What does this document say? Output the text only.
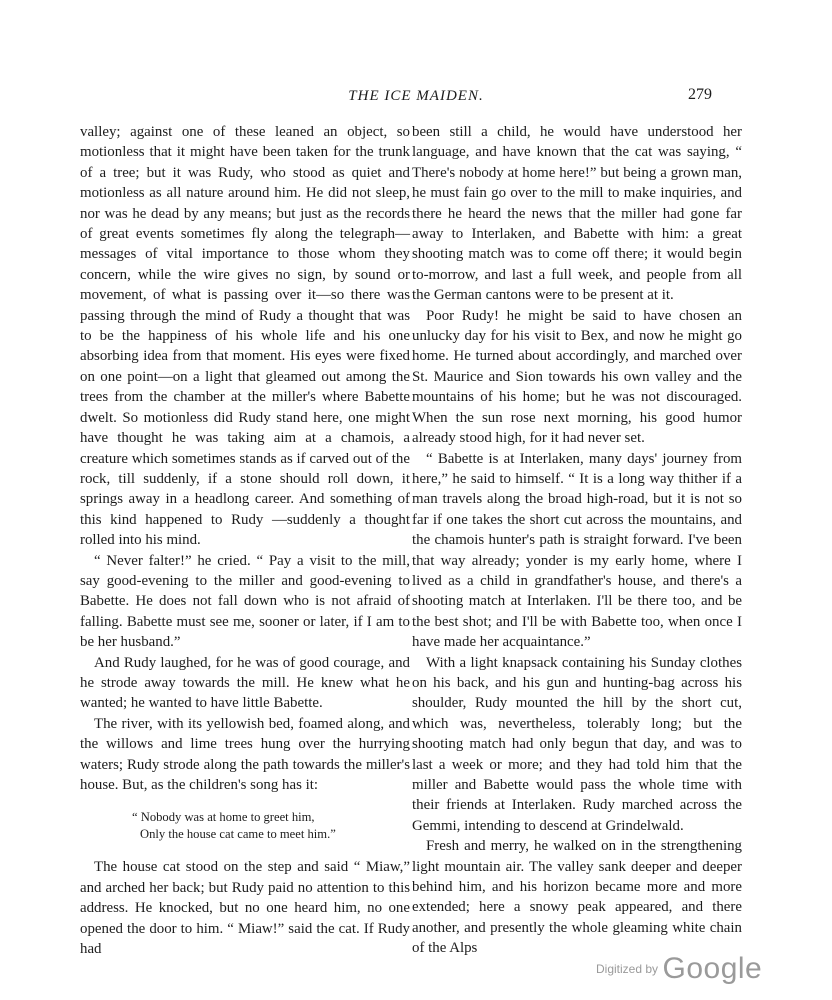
THE ICE MAIDEN.	279

valley; against one of these leaned an object, so motionless that it might have been taken for the trunk of a tree; but it was Rudy, who stood as quiet and motionless as all nature around him. He did not sleep, nor was he dead by any means; but just as the records of great events sometimes fly along the telegraph—messages of vital importance to those whom they concern, while the wire gives no sign, by sound or movement, of what is passing over it—so there was passing through the mind of Rudy a thought that was to be the happiness of his whole life and his one absorbing idea from that moment. His eyes were fixed on one point—on a light that gleamed out among the trees from the chamber at the miller's where Babette dwelt. So motionless did Rudy stand here, one might have thought he was taking aim at a chamois, a creature which sometimes stands as if carved out of the rock, till suddenly, if a stone should roll down, it springs away in a headlong career. And something of this kind happened to Rudy —suddenly a thought rolled into his mind.

“ Never falter!” he cried. “ Pay a visit to the mill, say good-evening to the miller and good-evening to Babette. He does not fall down who is not afraid of falling. Babette must see me, sooner or later, if I am to be her husband.”

And Rudy laughed, for he was of good courage, and he strode away towards the mill. He knew what he wanted; he wanted to have little Babette.

The river, with its yellowish bed, foamed along, and the willows and lime trees hung over the hurrying waters; Rudy strode along the path towards the miller's house. But, as the children's song has it:

“ Nobody was at home to greet him,
Only the house cat came to meet him.”

The house cat stood on the step and said “ Miaw,” and arched her back; but Rudy paid no attention to this address. He knocked, but no one heard him, no one opened the door to him. “ Miaw!” said the cat. If Rudy had

been still a child, he would have understood her language, and have known that the cat was saying, “ There's nobody at home here!” but being a grown man, he must fain go over to the mill to make inquiries, and there he heard the news that the miller had gone far away to Interlaken, and Babette with him: a great shooting match was to come off there; it would begin to-morrow, and last a full week, and people from all the German cantons were to be present at it.

Poor Rudy! he might be said to have chosen an unlucky day for his visit to Bex, and now he might go home. He turned about accordingly, and marched over St. Maurice and Sion towards his own valley and the mountains of his home; but he was not discouraged. When the sun rose next morning, his good humor already stood high, for it had never set.

“ Babette is at Interlaken, many days' journey from here,” he said to himself. “ It is a long way thither if a man travels along the broad high-road, but it is not so far if one takes the short cut across the mountains, and the chamois hunter's path is straight forward. I've been that way already; yonder is my early home, where I lived as a child in grandfather's house, and there's a shooting match at Interlaken. I'll be there too, and be the best shot; and I'll be with Babette too, when once I have made her acquaintance.”

With a light knapsack containing his Sunday clothes on his back, and his gun and hunting-bag across his shoulder, Rudy mounted the hill by the short cut, which was, nevertheless, tolerably long; but the shooting match had only begun that day, and was to last a week or more; and they had told him that the miller and Babette would pass the whole time with their friends at Interlaken. Rudy marched across the Gemmi, intending to descend at Grindelwald.

Fresh and merry, he walked on in the strengthening light mountain air. The valley sank deeper and deeper behind him, and his horizon became more and more extended; here a snowy peak appeared, and there another, and presently the whole gleaming white chain of the Alps

Digitized by Google
